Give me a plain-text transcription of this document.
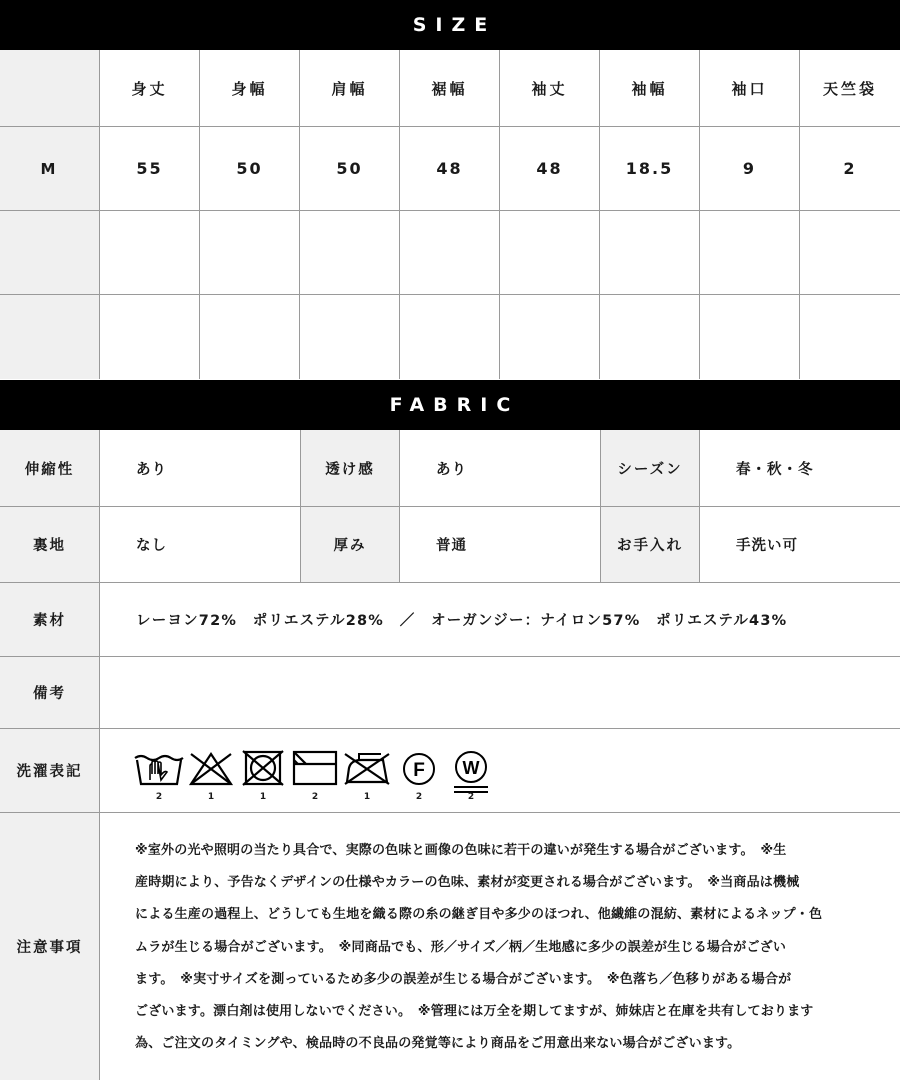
SIZE
身丈	身幅	肩幅	裾幅	袖丈	袖幅	袖口	天竺袋
M	55	50	50	48	48	18.5	9	2
FABRIC
伸縮性	あり	透け感	あり	シーズン	春・秋・冬
裏地	なし	厚み	普通	お手入れ	手洗い可
素材	レーヨン72%　ポリエステル28%　／　オーガンジー：ナイロン57%　ポリエステル43%
備考
洗濯表記
2	1	1	2	1
F
2
W
2
注意事項
※室外の光や照明の当たり具合で、実際の色味と画像の色味に若干の違いが発生する場合がございます。　※生
産時期により、予告なくデザインの仕様やカラーの色味、素材が変更される場合がございます。　※当商品は機械
による生産の過程上、どうしても生地を織る際の糸の継ぎ目や多少のほつれ、他繊維の混紡、素材によるネップ・色
ムラが生じる場合がございます。　※同商品でも、形／サイズ／柄／生地感に多少の誤差が生じる場合がござい
ます。　※実寸サイズを測っているため多少の誤差が生じる場合がございます。　※色落ち／色移りがある場合が
ございます。漂白剤は使用しないでください。　※管理には万全を期してますが、姉妹店と在庫を共有しております
為、ご注文のタイミングや、検品時の不良品の発覚等により商品をご用意出来ない場合がございます。
